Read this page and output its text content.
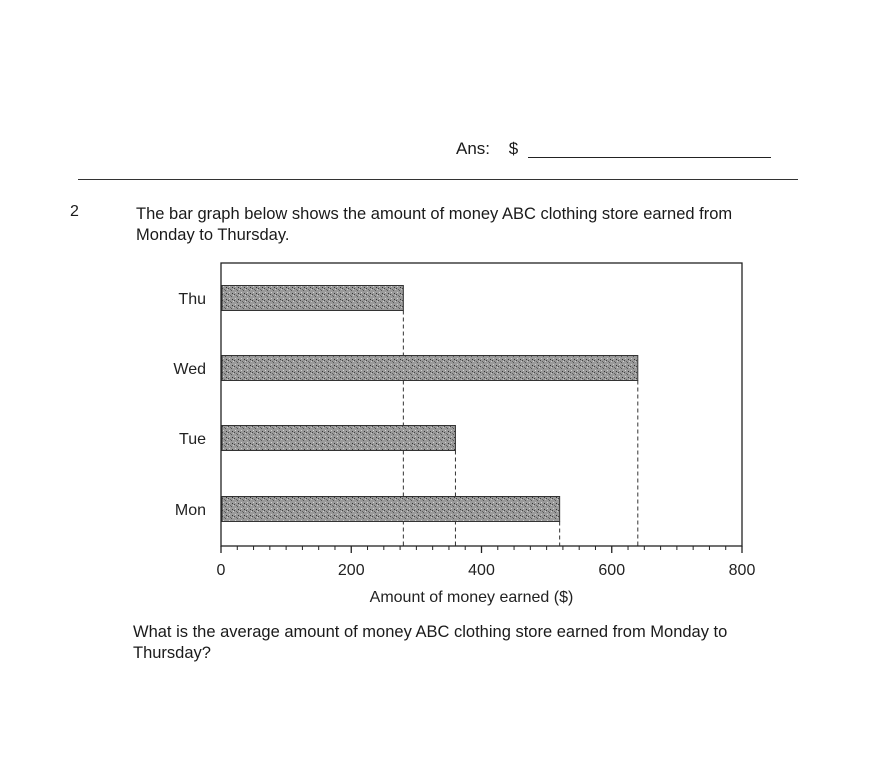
Ans: $
2	The bar graph below shows the amount of money ABC clothing store earned from Monday to Thursday.
Thu
Wed
Tue
Mon
0	200	400	600	800
Amount of money earned ($)
What is the average amount of money ABC clothing store earned from Monday to Thursday?
